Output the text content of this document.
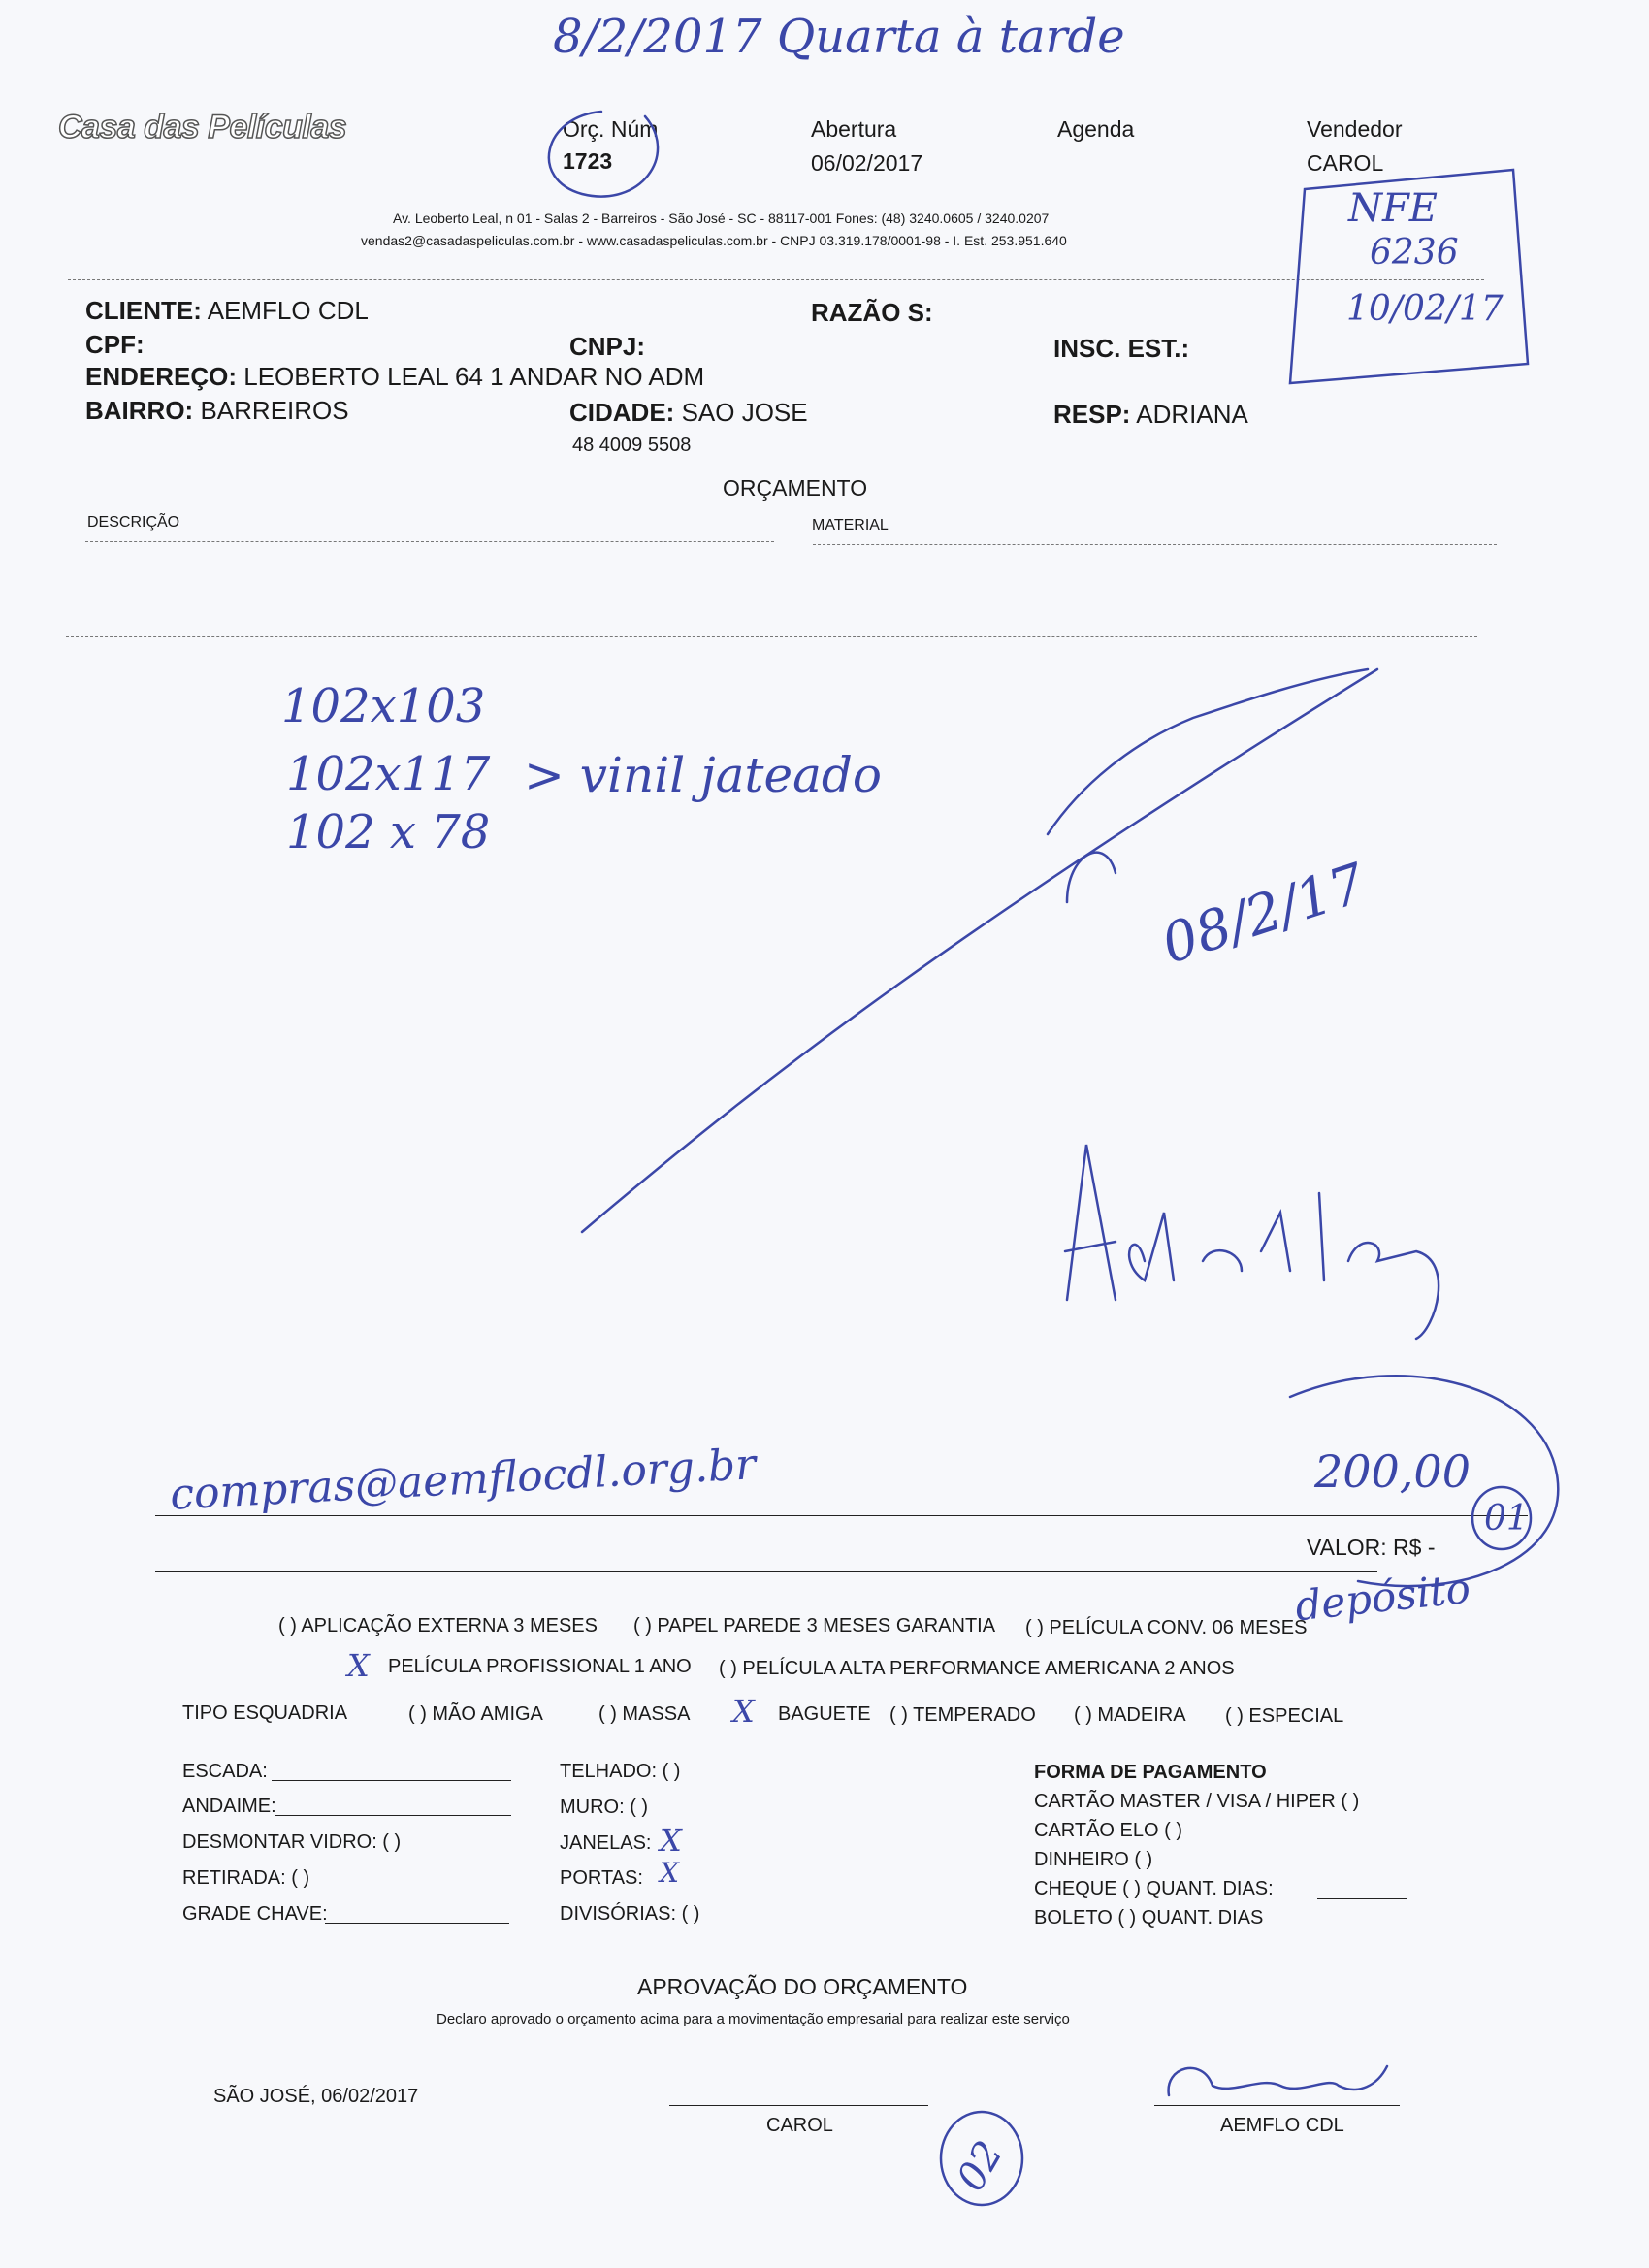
8/2/2017 Quarta à tarde
Casa das Películas	Orç. Núm
1723
Abertura
06/02/2017
Agenda	Vendedor
CAROL
Av. Leoberto Leal, n 01 - Salas 2 - Barreiros - São José - SC - 88117-001 Fones: (48) 3240.0605 / 3240.0207
vendas2@casadaspeliculas.com.br - www.casadaspeliculas.com.br - CNPJ 03.319.178/0001-98 - I. Est. 253.951.640
NFE
6236
10/02/17
CLIENTE: AEMFLO CDL	RAZÃO S:
CPF:	CNPJ:	INSC. EST.:
ENDEREÇO: LEOBERTO LEAL 64 1 ANDAR NO ADM
BAIRRO: BARREIROS	CIDADE: SAO JOSE	RESP: ADRIANA
48 4009 5508
ORÇAMENTO
DESCRIÇÃO	MATERIAL
102x103
102x117
102 x 78
> vinil jateado
08/2/17
compras@aemflocdl.org.br	200,00
01
VALOR: R$ -
depósito
( ) APLICAÇÃO EXTERNA 3 MESES ( ) PAPEL PAREDE 3 MESES GARANTIA ( ) PELÍCULA CONV. 06 MESES
X PELÍCULA PROFISSIONAL 1 ANO ( ) PELÍCULA ALTA PERFORMANCE AMERICANA 2 ANOS
TIPO ESQUADRIA	( ) MÃO AMIGA	( ) MASSA X BAGUETE ( ) TEMPERADO ( ) MADEIRA ( ) ESPECIAL
ESCADA:
ANDAIME:
DESMONTAR VIDRO: ( )
RETIRADA: ( )
GRADE CHAVE:
TELHADO: ( )
MURO: ( )
JANELAS: X
PORTAS: X
DIVISÓRIAS: ( )
FORMA DE PAGAMENTO
CARTÃO MASTER / VISA / HIPER ( )
CARTÃO ELO ( )
DINHEIRO ( )
CHEQUE ( ) QUANT. DIAS:
BOLETO ( ) QUANT. DIAS
APROVAÇÃO DO ORÇAMENTO
Declaro aprovado o orçamento acima para a movimentação empresarial para realizar este serviço
SÃO JOSÉ, 06/02/2017
CAROL	AEMFLO CDL
02
